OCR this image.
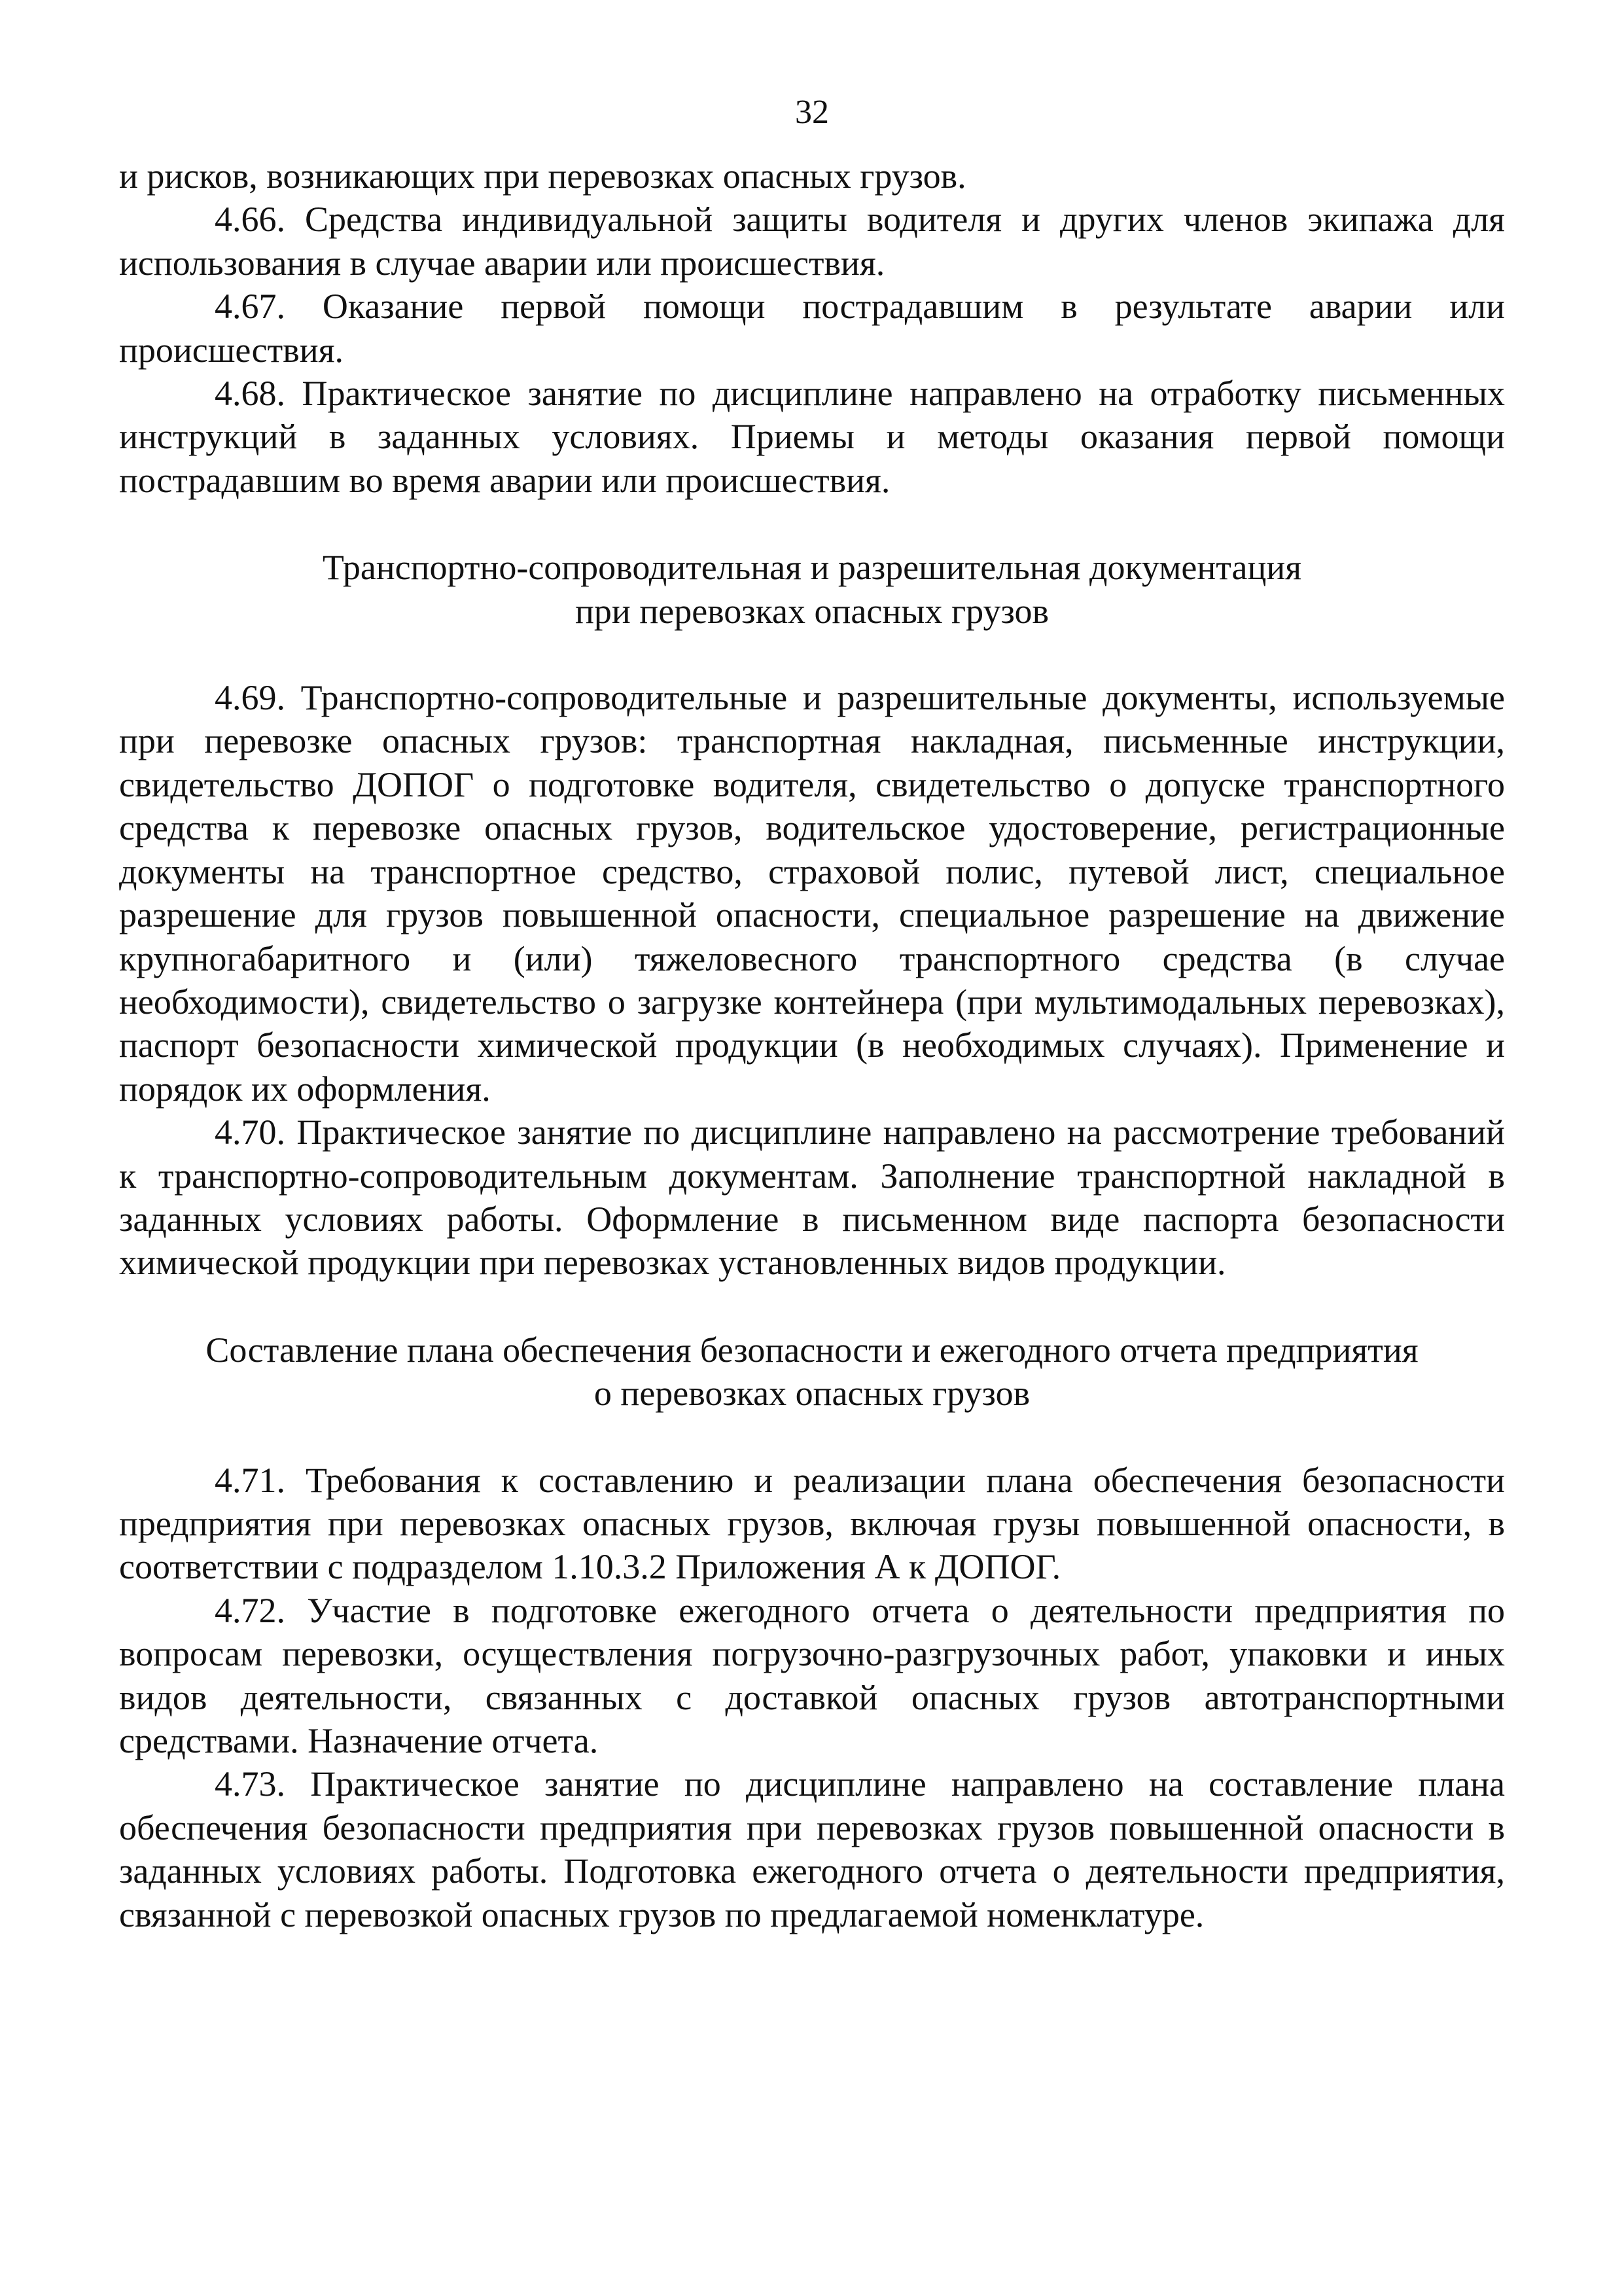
32

и рисков, возникающих при перевозках опасных грузов.

4.66. Средства индивидуальной защиты водителя и других членов экипажа для использования в случае аварии или происшествия.

4.67. Оказание первой помощи пострадавшим в результате аварии или происшествия.

4.68. Практическое занятие по дисциплине направлено на отработку письменных инструкций в заданных условиях. Приемы и методы оказания первой помощи пострадавшим во время аварии или происшествия.

Транспортно-сопроводительная и разрешительная документация
при перевозках опасных грузов

4.69. Транспортно-сопроводительные и разрешительные документы, используемые при перевозке опасных грузов: транспортная накладная, письменные инструкции, свидетельство ДОПОГ о подготовке водителя, свидетельство о допуске транспортного средства к перевозке опасных грузов, водительское удостоверение, регистрационные документы на транспортное средство, страховой полис, путевой лист, специальное разрешение для грузов повышенной опасности, специальное разрешение на движение крупногабаритного и (или) тяжеловесного транспортного средства (в случае необходимости), свидетельство о загрузке контейнера (при мультимодальных перевозках), паспорт безопасности химической продукции (в необходимых случаях). Применение и порядок их оформления.

4.70. Практическое занятие по дисциплине направлено на рассмотрение требований к транспортно-сопроводительным документам. Заполнение транспортной накладной в заданных условиях работы. Оформление в письменном виде паспорта безопасности химической продукции при перевозках установленных видов продукции.

Составление плана обеспечения безопасности и ежегодного отчета предприятия
о перевозках опасных грузов

4.71. Требования к составлению и реализации плана обеспечения безопасности предприятия при перевозках опасных грузов, включая грузы повышенной опасности, в соответствии с подразделом 1.10.3.2 Приложения А к ДОПОГ.

4.72. Участие в подготовке ежегодного отчета о деятельности предприятия по вопросам перевозки, осуществления погрузочно-разгрузочных работ, упаковки и иных видов деятельности, связанных с доставкой опасных грузов автотранспортными средствами. Назначение отчета.

4.73. Практическое занятие по дисциплине направлено на составление плана обеспечения безопасности предприятия при перевозках грузов повышенной опасности в заданных условиях работы. Подготовка ежегодного отчета о деятельности предприятия, связанной с перевозкой опасных грузов по предлагаемой номенклатуре.
